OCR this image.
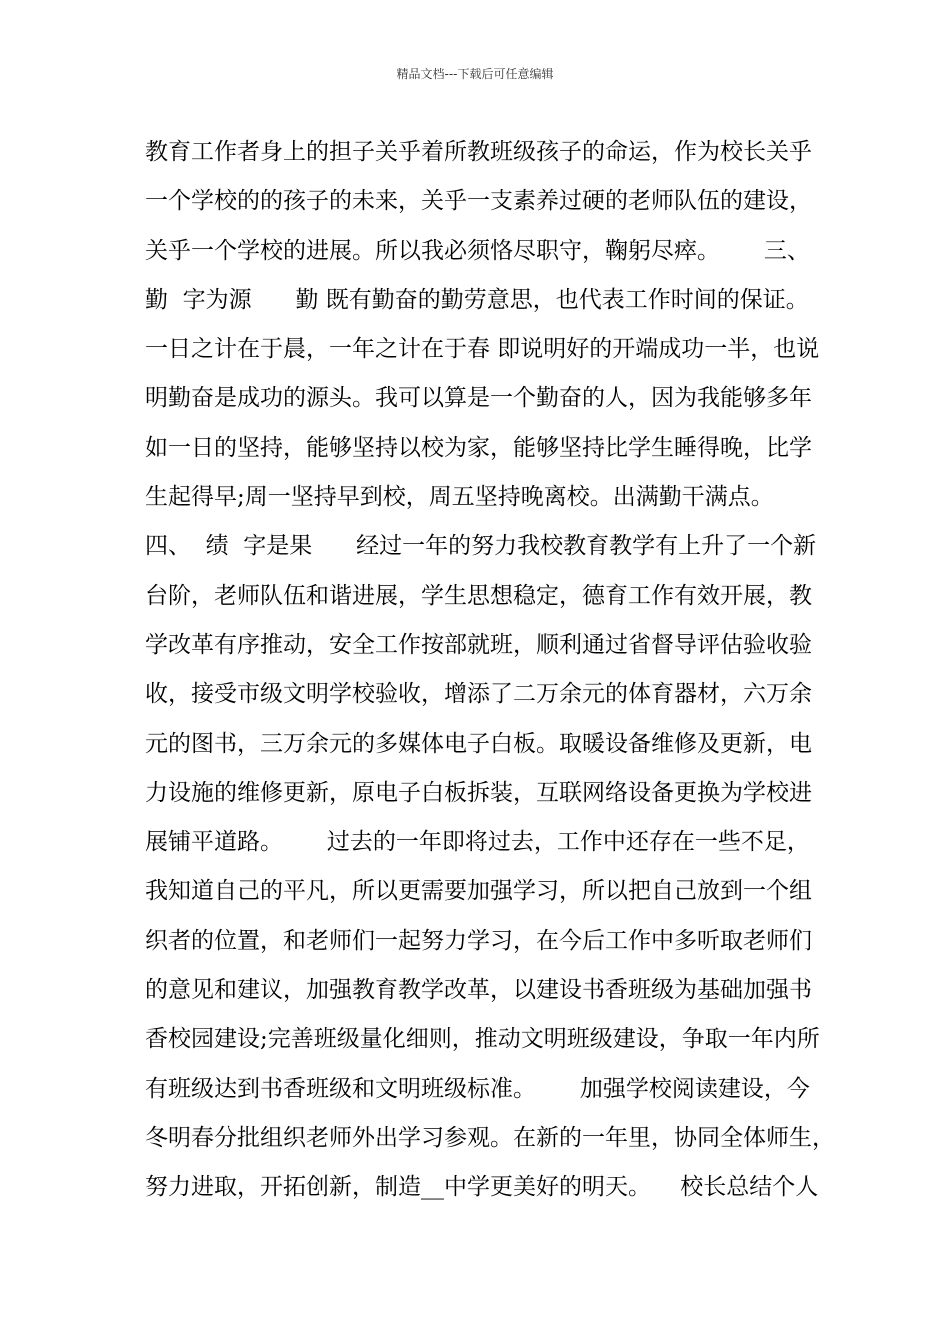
精品文档---下载后可任意编辑
教育工作者身上的担子关乎着所教班级孩子的命运，作为校长关乎
一个学校的的孩子的未来，关乎一支素养过硬的老师队伍的建设，
关乎一个学校的进展。所以我必须恪尽职守，鞠躬尽瘁。      三、
勤  字为源      勤 既有勤奋的勤劳意思，也代表工作时间的保证。
一日之计在于晨，一年之计在于春 即说明好的开端成功一半，也说
明勤奋是成功的源头。我可以算是一个勤奋的人，因为我能够多年
如一日的坚持，能够坚持以校为家，能够坚持比学生睡得晚，比学
生起得早;周一坚持早到校，周五坚持晚离校。出满勤干满点。
四、  绩  字是果      经过一年的努力我校教育教学有上升了一个新
台阶，老师队伍和谐进展，学生思想稳定，德育工作有效开展，教
学改革有序推动，安全工作按部就班，顺利通过省督导评估验收验
收，接受市级文明学校验收，增添了二万余元的体育器材，六万余
元的图书，三万余元的多媒体电子白板。取暖设备维修及更新，电
力设施的维修更新，原电子白板拆装，互联网络设备更换为学校进
展铺平道路。      过去的一年即将过去，工作中还存在一些不足，
我知道自己的平凡，所以更需要加强学习，所以把自己放到一个组
织者的位置，和老师们一起努力学习，在今后工作中多听取老师们
的意见和建议，加强教育教学改革，以建设书香班级为基础加强书
香校园建设;完善班级量化细则，推动文明班级建设，争取一年内所
有班级达到书香班级和文明班级标准。      加强学校阅读建设，今
冬明春分批组织老师外出学习参观。在新的一年里，协同全体师生，
努力进取，开拓创新，制造__中学更美好的明天。    校长总结个人
